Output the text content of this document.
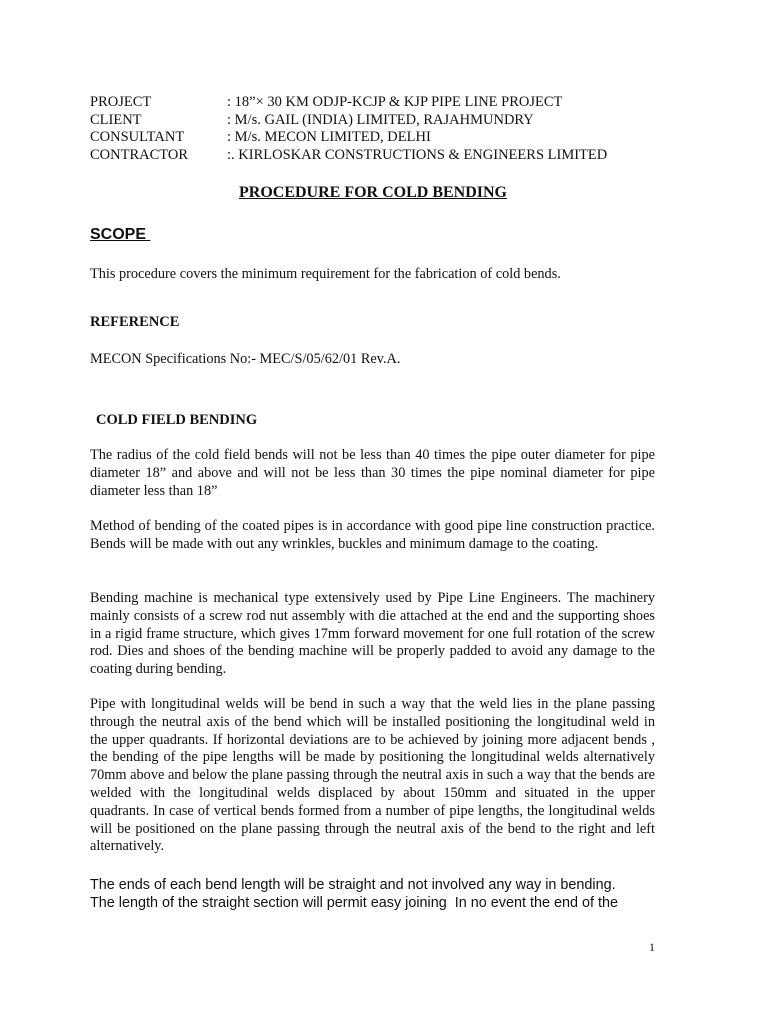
PROJECT	: 18”× 30 KM ODJP-KCJP & KJP PIPE LINE PROJECT
CLIENT	: M/s. GAIL (INDIA) LIMITED, RAJAHMUNDRY
CONSULTANT	: M/s. MECON LIMITED, DELHI
CONTRACTOR	:. KIRLOSKAR CONSTRUCTIONS & ENGINEERS LIMITED
PROCEDURE FOR COLD BENDING
SCOPE
This procedure covers the minimum requirement for the fabrication of cold bends.
REFERENCE
MECON Specifications No:- MEC/S/05/62/01 Rev.A.
COLD FIELD BENDING
The radius of the cold field bends will not be less than 40 times the pipe outer diameter for pipe diameter 18” and above and will not be less than 30 times the pipe nominal diameter for pipe diameter less than 18”
Method of bending of the coated pipes is in accordance with good pipe line construction practice. Bends will be made with out any wrinkles, buckles and minimum damage to the coating.
Bending machine is mechanical type extensively used by Pipe Line Engineers. The machinery mainly consists of a screw rod nut assembly with die attached at the end and the supporting shoes in a rigid frame structure, which gives 17mm forward movement for one full rotation of the screw rod. Dies and shoes of the bending machine will be properly padded to avoid any damage to the coating during bending.
Pipe with longitudinal welds will be bend in such a way that the weld lies in the plane passing through the neutral axis of the bend which will be installed positioning the longitudinal weld in the upper quadrants. If horizontal deviations are to be achieved by joining more adjacent bends , the bending of the pipe lengths will be made by positioning the longitudinal welds alternatively 70mm above and below the plane passing through the neutral axis in such a way that the bends are welded with the longitudinal welds displaced by about 150mm and situated in the upper quadrants. In case of vertical bends formed from a number of pipe lengths, the longitudinal welds will be positioned on the plane passing through the neutral axis of the bend to the right and left alternatively.
The ends of each bend length will be straight and not involved any way in bending.
The length of the straight section will permit easy joining  In no event the end of the
1
